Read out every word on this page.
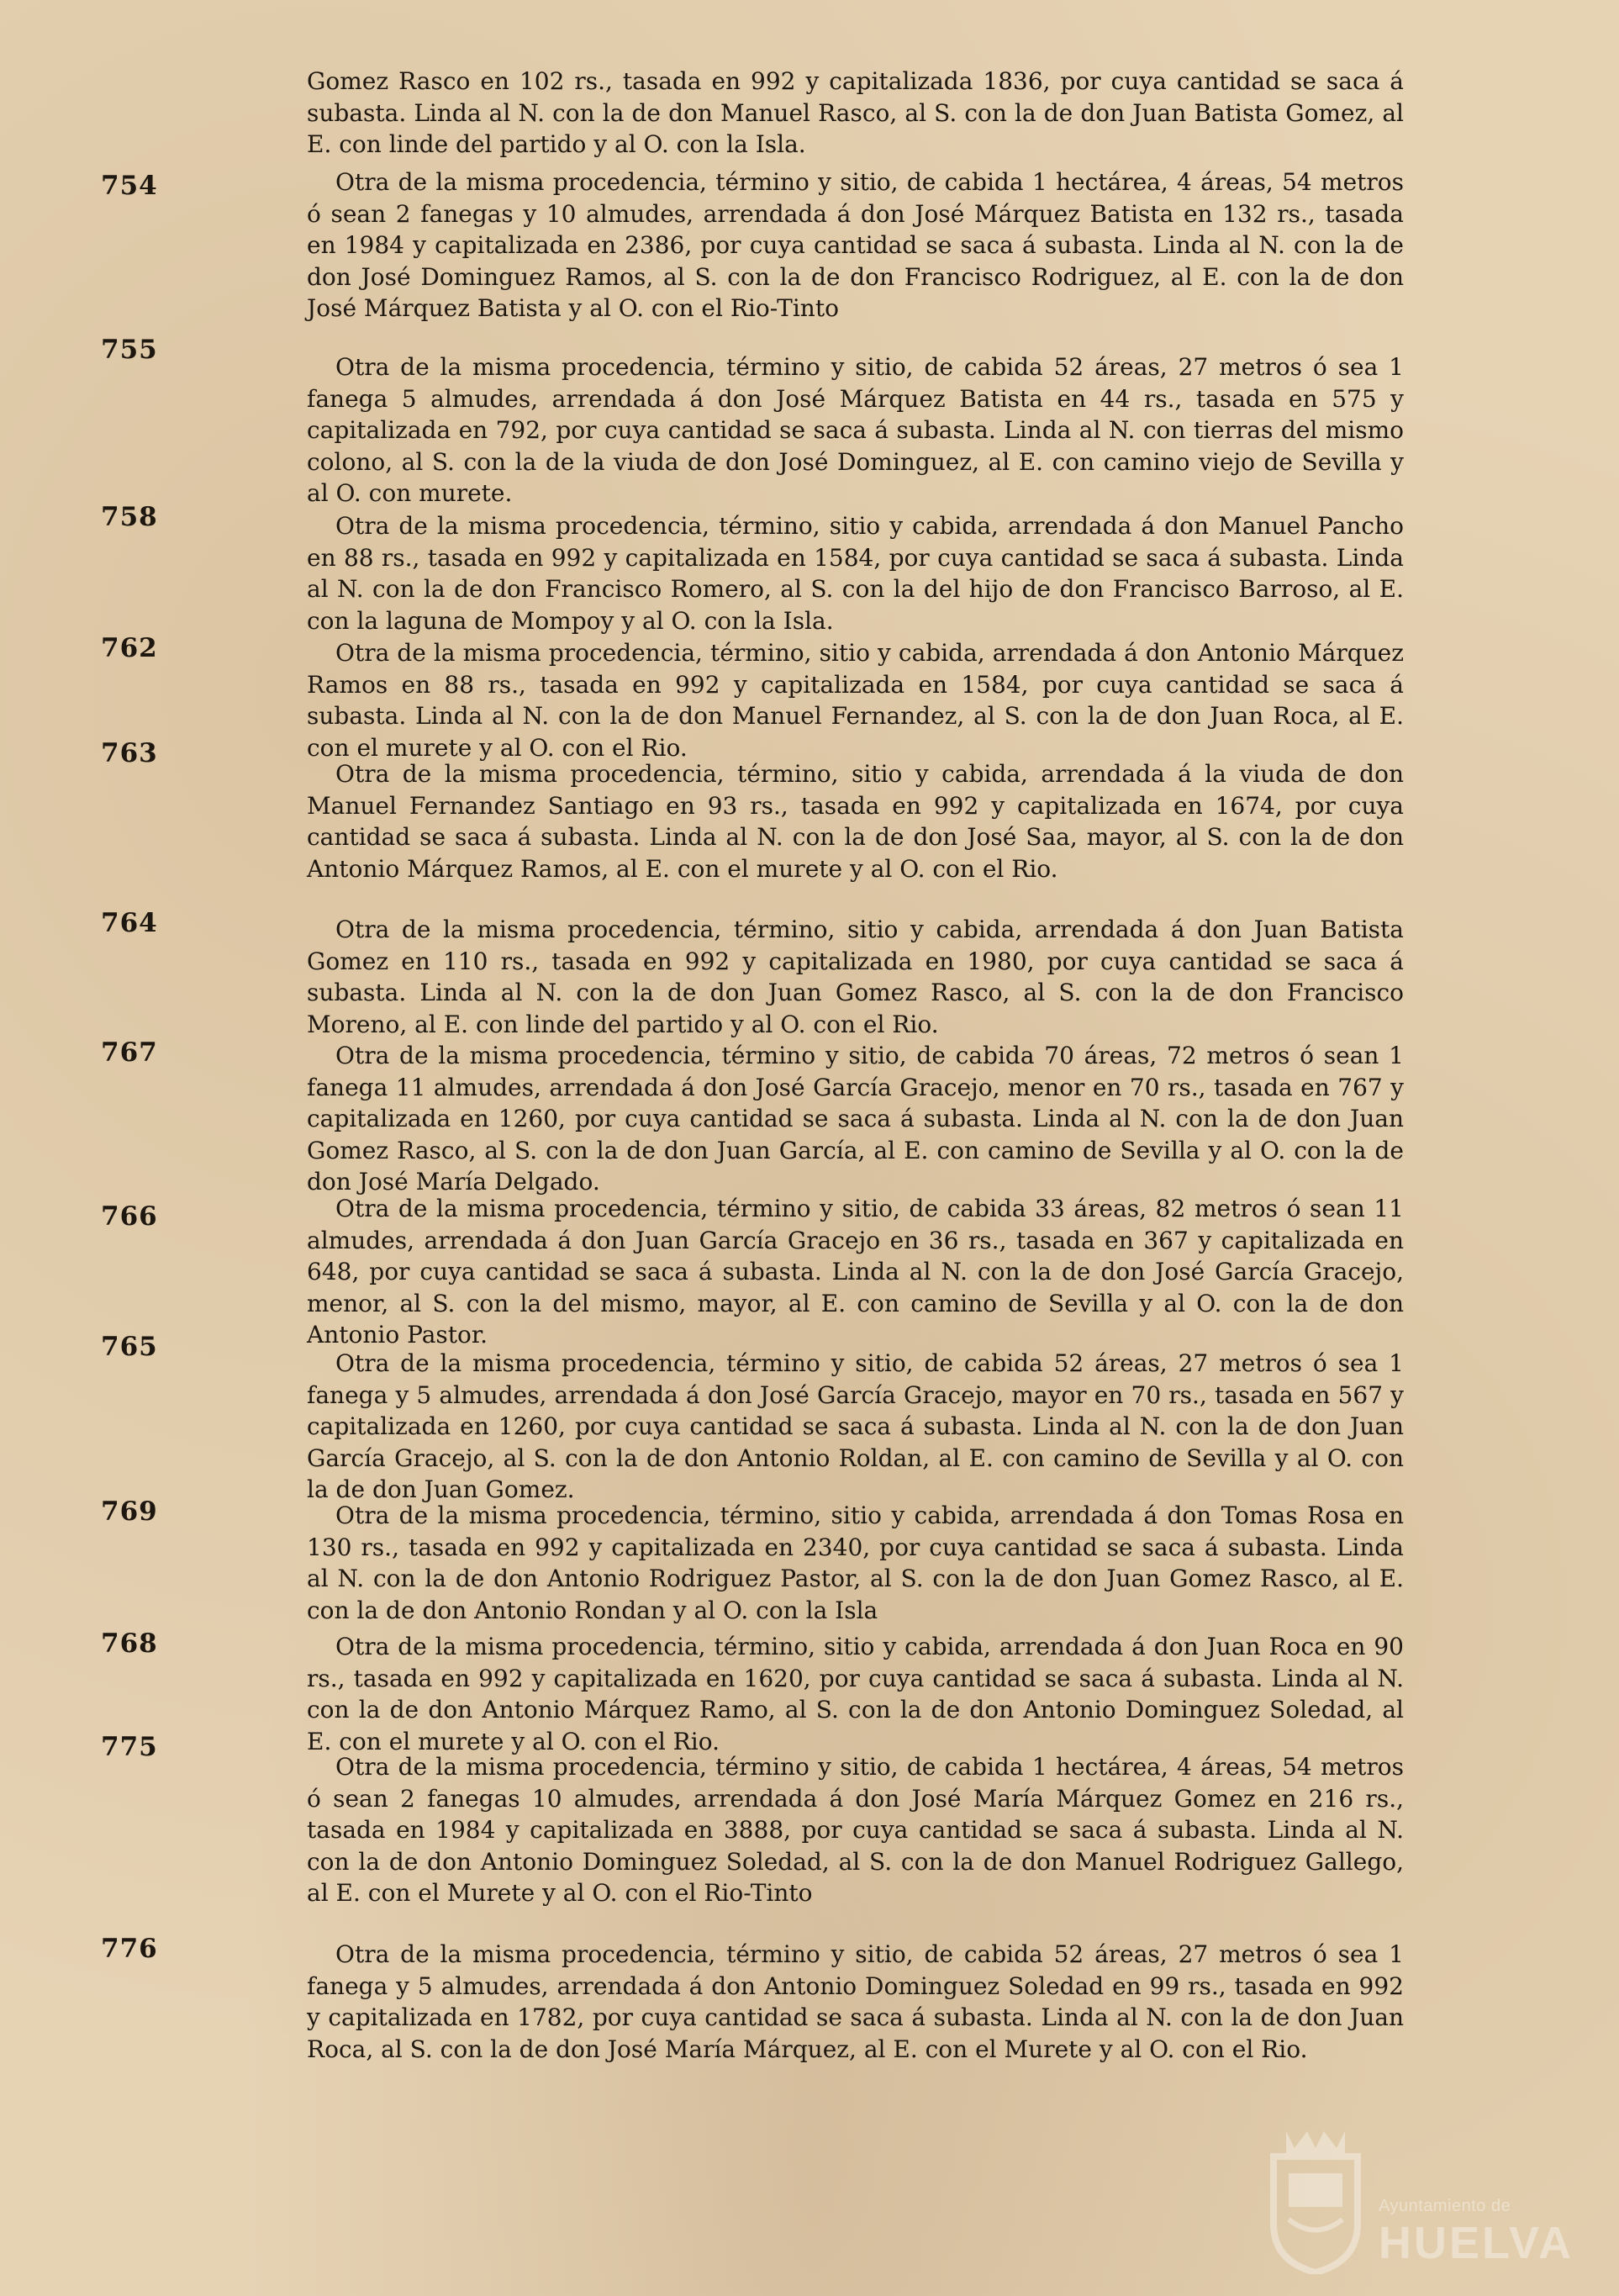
Gomez Rasco en 102 rs., tasada en 992 y capitalizada 1836, por cuya cantidad se saca á subasta. Linda al N. con la de don Manuel Rasco, al S. con la de don Juan Batista Gomez, al E. con linde del partido y al O. con la Isla.
754	Otra de la misma procedencia, término y sitio, de cabida 1 hectárea, 4 áreas, 54 metros ó sean 2 fanegas y 10 almudes, arrendada á don José Márquez Batista en 132 rs., tasada en 1984 y capitalizada en 2386, por cuya cantidad se saca á subasta. Linda al N. con la de don José Dominguez Ramos, al S. con la de don Francisco Rodriguez, al E. con la de don José Márquez Batista y al O. con el Rio-Tinto
755
Otra de la misma procedencia, término y sitio, de cabida 52 áreas, 27 metros ó sea 1 fanega 5 almudes, arrendada á don José Márquez Batista en 44 rs., tasada en 575 y capitalizada en 792, por cuya cantidad se saca á subasta. Linda al N. con tierras del mismo colono, al S. con la de la viuda de don José Dominguez, al E. con camino viejo de Sevilla y al O. con murete.
758	Otra de la misma procedencia, término, sitio y cabida, arrendada á don Manuel Pancho en 88 rs., tasada en 992 y capitalizada en 1584, por cuya cantidad se saca á subasta. Linda al N. con la de don Francisco Romero, al S. con la del hijo de don Francisco Barroso, al E. con la laguna de Mompoy y al O. con la Isla.
762	Otra de la misma procedencia, término, sitio y cabida, arrendada á don Antonio Márquez Ramos en 88 rs., tasada en 992 y capitalizada en 1584, por cuya cantidad se saca á subasta. Linda al N. con la de don Manuel Fernandez, al S. con la de don Juan Roca, al E. con el murete y al O. con el Rio.
763
Otra de la misma procedencia, término, sitio y cabida, arrendada á la viuda de don Manuel Fernandez Santiago en 93 rs., tasada en 992 y capitalizada en 1674, por cuya cantidad se saca á subasta. Linda al N. con la de don José Saa, mayor, al S. con la de don Antonio Márquez Ramos, al E. con el murete y al O. con el Rio.
764	Otra de la misma procedencia, término, sitio y cabida, arrendada á don Juan Batista Gomez en 110 rs., tasada en 992 y capitalizada en 1980, por cuya cantidad se saca á subasta. Linda al N. con la de don Juan Gomez Rasco, al S. con la de don Francisco Moreno, al E. con linde del partido y al O. con el Rio.
767	Otra de la misma procedencia, término y sitio, de cabida 70 áreas, 72 metros ó sean 1 fanega 11 almudes, arrendada á don José García Gracejo, menor en 70 rs., tasada en 767 y capitalizada en 1260, por cuya cantidad se saca á subasta. Linda al N. con la de don Juan Gomez Rasco, al S. con la de don Juan García, al E. con camino de Sevilla y al O. con la de don José María Delgado.
766	Otra de la misma procedencia, término y sitio, de cabida 33 áreas, 82 metros ó sean 11 almudes, arrendada á don Juan García Gracejo en 36 rs., tasada en 367 y capitalizada en 648, por cuya cantidad se saca á subasta. Linda al N. con la de don José García Gracejo, menor, al S. con la del mismo, mayor, al E. con camino de Sevilla y al O. con la de don Antonio Pastor.
765
Otra de la misma procedencia, término y sitio, de cabida 52 áreas, 27 metros ó sea 1 fanega y 5 almudes, arrendada á don José García Gracejo, mayor en 70 rs., tasada en 567 y capitalizada en 1260, por cuya cantidad se saca á subasta. Linda al N. con la de don Juan García Gracejo, al S. con la de don Antonio Roldan, al E. con camino de Sevilla y al O. con la de don Juan Gomez.
769	Otra de la misma procedencia, término, sitio y cabida, arrendada á don Tomas Rosa en 130 rs., tasada en 992 y capitalizada en 2340, por cuya cantidad se saca á subasta. Linda al N. con la de don Antonio Rodriguez Pastor, al S. con la de don Juan Gomez Rasco, al E. con la de don Antonio Rondan y al O. con la Isla
768	Otra de la misma procedencia, término, sitio y cabida, arrendada á don Juan Roca en 90 rs., tasada en 992 y capitalizada en 1620, por cuya cantidad se saca á subasta. Linda al N. con la de don Antonio Márquez Ramo, al S. con la de don Antonio Dominguez Soledad, al E. con el murete y al O. con el Rio.
775
Otra de la misma procedencia, término y sitio, de cabida 1 hectárea, 4 áreas, 54 metros ó sean 2 fanegas 10 almudes, arrendada á don José María Márquez Gomez en 216 rs., tasada en 1984 y capitalizada en 3888, por cuya cantidad se saca á subasta. Linda al N. con la de don Antonio Dominguez Soledad, al S. con la de don Manuel Rodriguez Gallego, al E. con el Murete y al O. con el Rio-Tinto
776	Otra de la misma procedencia, término y sitio, de cabida 52 áreas, 27 metros ó sea 1 fanega y 5 almudes, arrendada á don Antonio Dominguez Soledad en 99 rs., tasada en 992 y capitalizada en 1782, por cuya cantidad se saca á subasta. Linda al N. con la de don Juan Roca, al S. con la de don José María Márquez, al E. con el Murete y al O. con el Rio.
Ayuntamiento de
HUELVA
